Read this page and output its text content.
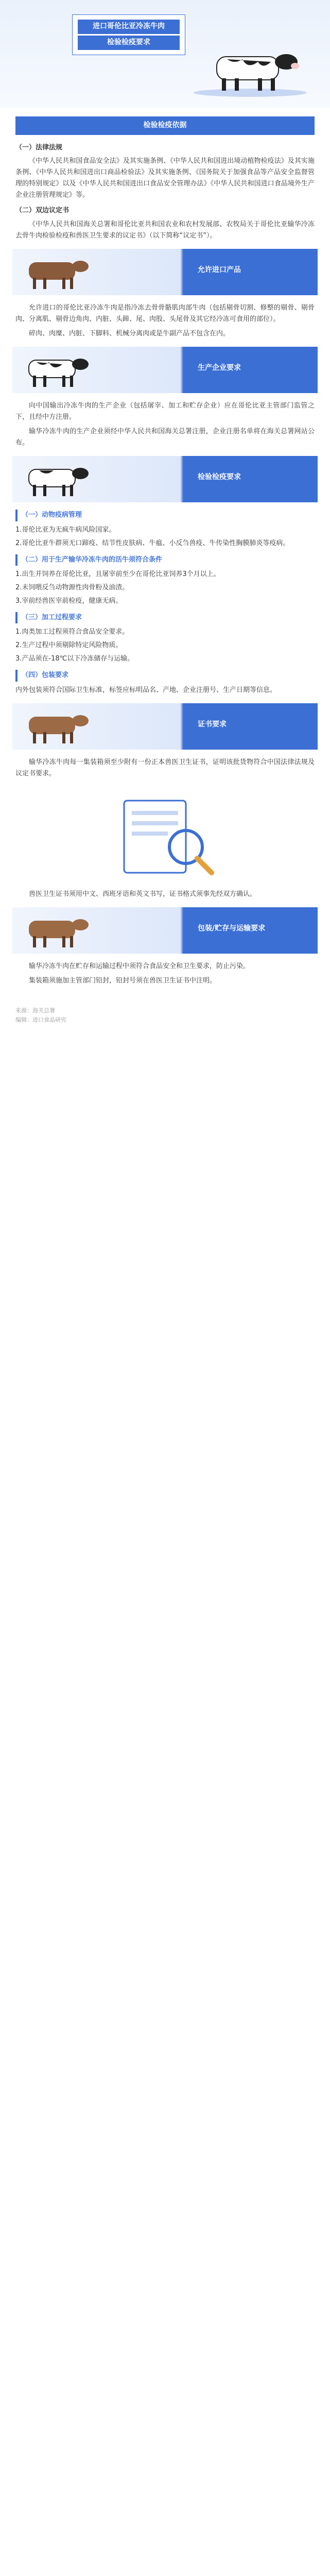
进口哥伦比亚冷冻牛肉
检验检疫要求
检验检疫依据

（一）法律法规

《中华人民共和国食品安全法》及其实施条例、《中华人民共和国进出境动植物检疫法》及其实施条例、《中华人民共和国进出口商品检验法》及其实施条例、《国务院关于加强食品等产品安全监督管理的特别规定》以及《中华人民共和国进出口食品安全管理办法》《中华人民共和国进口食品境外生产企业注册管理规定》等。

（二）双边议定书

《中华人民共和国海关总署和哥伦比亚共和国农业和农村发展部、农牧局关于哥伦比亚输华冷冻去骨牛肉检验检疫和兽医卫生要求的议定书》（以下简称“议定书”）。

允许进口产品

允许进口的哥伦比亚冷冻牛肉是指冷冻去骨骨骼肌肉部牛肉（包括剔骨切割、修整的剔骨、剔骨肉、分离肌、剔骨边角肉、内脏、头蹄、尾、肉股、头尾骨及其它经冷冻可食用的部位）。

碎肉、肉糜、内脏、下脚料、机械分离肉或是牛副产品不包含在内。

生产企业要求

向中国输出冷冻牛肉的生产企业（包括屠宰、加工和贮存企业）应在哥伦比亚主管部门监管之下，且经中方注册。

输华冷冻牛肉的生产企业须经中华人民共和国海关总署注册，企业注册名单将在海关总署网站公布。

检验检疫要求

（一）动物疫病管理

1.哥伦比亚为无疯牛病风险国家。

2.哥伦比亚牛群须无口蹄疫、结节性皮肤病、牛瘟、小反刍兽疫、牛传染性胸膜肺炎等疫病。

（二）用于生产输华冷冻牛肉的活牛须符合条件

1.出生并饲养在哥伦比亚，且屠宰前至少在哥伦比亚饲养3个月以上。

2.未饲喂反刍动物源性肉骨粉及油渣。

3.宰前经兽医宰前检疫，健康无病。

（三）加工过程要求

1.肉类加工过程须符合食品安全要求。

2.生产过程中须剔除特定风险物质。

3.产品须在-18℃以下冷冻储存与运输。

（四）包装要求

内外包装须符合国际卫生标准，标签应标明品名、产地、企业注册号、生产日期等信息。

证书要求

输华冷冻牛肉每一集装箱须至少附有一份正本兽医卫生证书，证明该批货物符合中国法律法规及议定书要求。

兽医卫生证书须用中文、西班牙语和英文书写，证书格式须事先经双方确认。

包装/贮存与运输要求

输华冷冻牛肉在贮存和运输过程中须符合食品安全和卫生要求，防止污染。

集装箱须施加主管部门铅封，铅封号须在兽医卫生证书中注明。

来源：海关总署

编辑：进口食品研究
